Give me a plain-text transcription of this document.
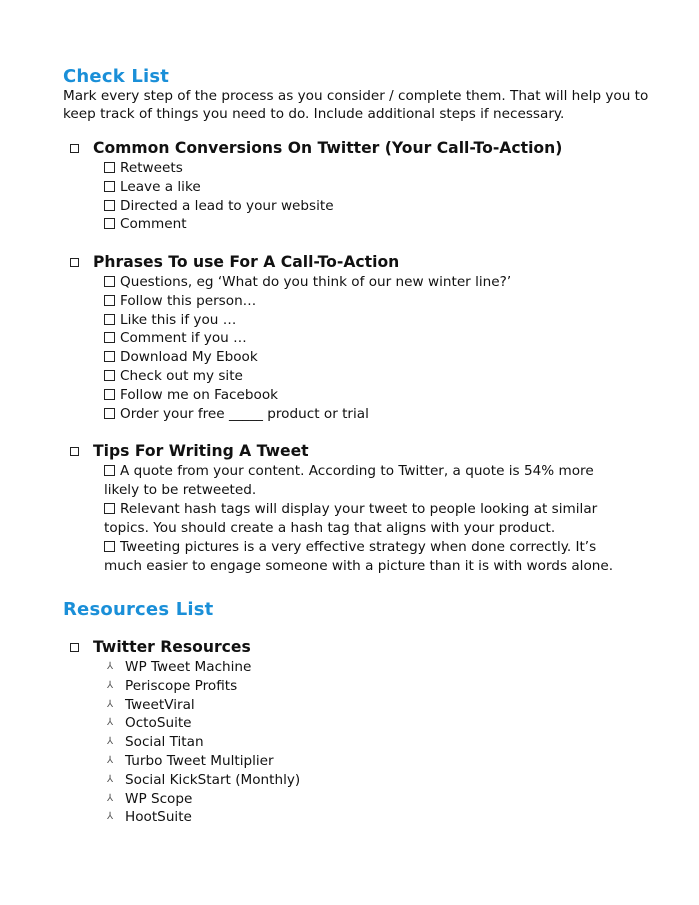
Check List

Mark every step of the process as you consider / complete them. That will help you to keep track of things you need to do. Include additional steps if necessary.

Common Conversions On Twitter (Your Call-To-Action)
Retweets
Leave a like
Directed a lead to your website
Comment
Phrases To use For A Call-To-Action
Questions, eg ‘What do you think of our new winter line?’
Follow this person…
Like this if you …
Comment if you …
Download My Ebook
Check out my site
Follow me on Facebook
Order your free _____ product or trial
Tips For Writing A Tweet

A quote from your content. According to Twitter, a quote is 54% more likely to be retweeted.

Relevant hash tags will display your tweet to people looking at similar topics. You should create a hash tag that aligns with your product.

Tweeting pictures is a very effective strategy when done correctly. It’s much easier to engage someone with a picture than it is with words alone.

Resources List
Twitter Resources
⅄ WP Tweet Machine
⅄ Periscope Profits
⅄ TweetViral
⅄ OctoSuite
⅄ Social Titan
⅄ Turbo Tweet Multiplier
⅄ Social KickStart (Monthly)
⅄ WP Scope
⅄ HootSuite
